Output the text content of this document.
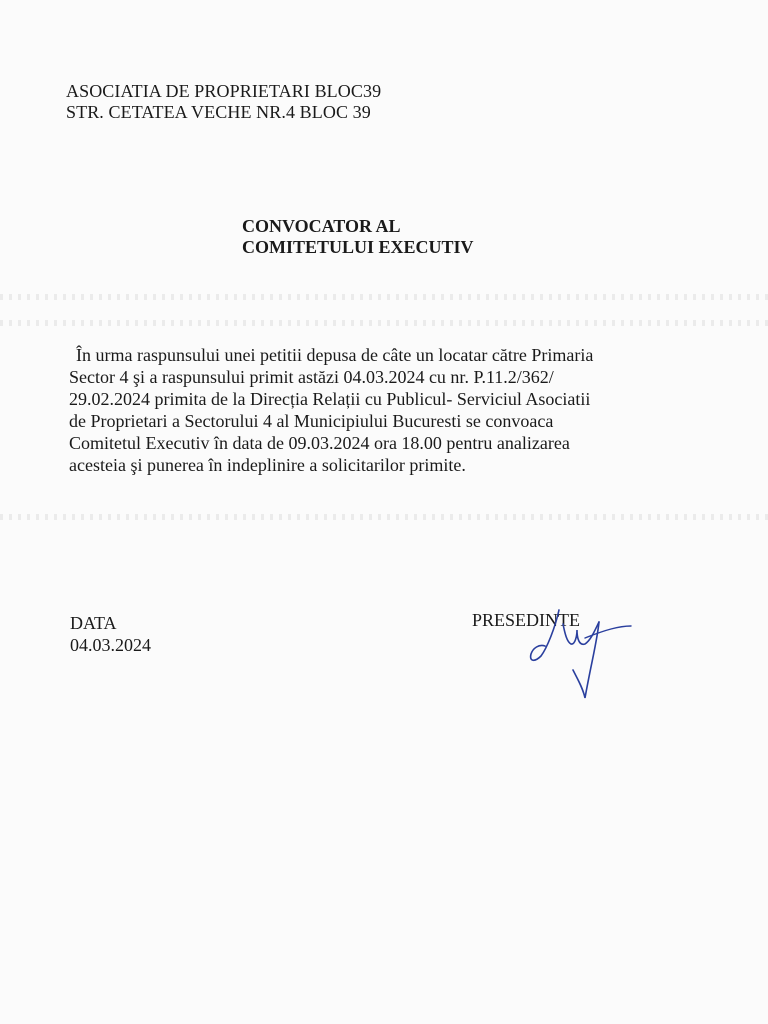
ASOCIATIA DE PROPRIETARI BLOC39
STR. CETATEA VECHE NR.4 BLOC 39
CONVOCATOR AL
COMITETULUI EXECUTIV
În urma raspunsului unei petitii depusa de câte un locatar către Primaria
Sector 4 şi a raspunsului primit astăzi 04.03.2024 cu nr. P.11.2/362/
29.02.2024 primita de la Direcția Relații cu Publicul- Serviciul Asociatii
de Proprietari a Sectorului 4 al Municipiului Bucuresti se convoaca
Comitetul Executiv în data de 09.03.2024 ora 18.00 pentru analizarea
acesteia şi punerea în indeplinire a solicitarilor primite.
DATA
04.03.2024
PRESEDINTE
